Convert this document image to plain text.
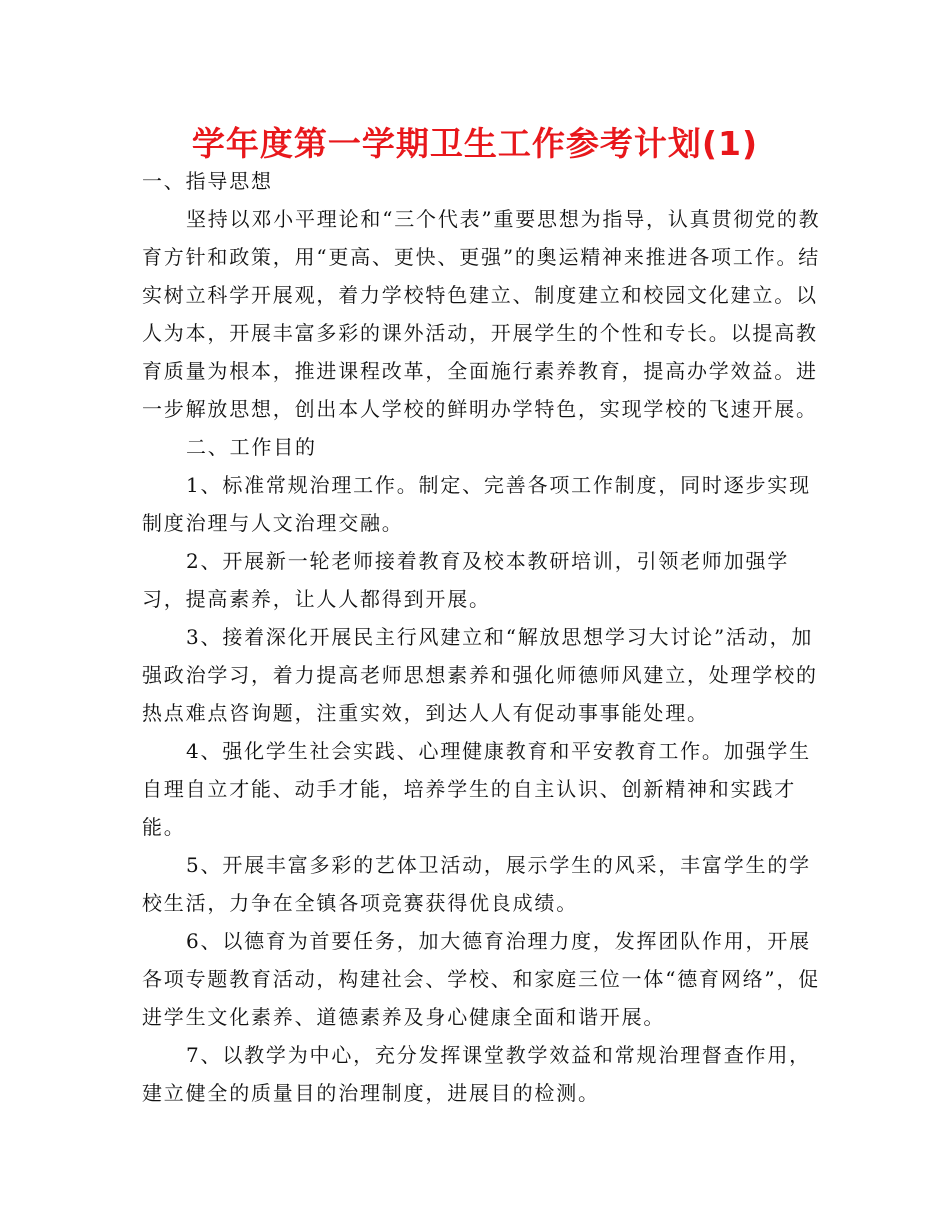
学年度第一学期卫生工作参考计划(1)

一、指导思想

坚持以邓小平理论和“三个代表”重要思想为指导，认真贯彻党的教育方针和政策，用“更高、更快、更强”的奥运精神来推进各项工作。结实树立科学开展观，着力学校特色建立、制度建立和校园文化建立。以人为本，开展丰富多彩的课外活动，开展学生的个性和专长。以提高教育质量为根本，推进课程改革，全面施行素养教育，提高办学效益。进一步解放思想，创出本人学校的鲜明办学特色，实现学校的飞速开展。

二、工作目的

1、标准常规治理工作。制定、完善各项工作制度，同时逐步实现制度治理与人文治理交融。

2、开展新一轮老师接着教育及校本教研培训，引领老师加强学习，提高素养，让人人都得到开展。

3、接着深化开展民主行风建立和“解放思想学习大讨论”活动，加强政治学习，着力提高老师思想素养和强化师德师风建立，处理学校的热点难点咨询题，注重实效，到达人人有促动事事能处理。

4、强化学生社会实践、心理健康教育和平安教育工作。加强学生自理自立才能、动手才能，培养学生的自主认识、创新精神和实践才能。

5、开展丰富多彩的艺体卫活动，展示学生的风采，丰富学生的学校生活，力争在全镇各项竞赛获得优良成绩。

6、以德育为首要任务，加大德育治理力度，发挥团队作用，开展各项专题教育活动，构建社会、学校、和家庭三位一体“德育网络”，促进学生文化素养、道德素养及身心健康全面和谐开展。

7、以教学为中心，充分发挥课堂教学效益和常规治理督查作用，建立健全的质量目的治理制度，进展目的检测。
